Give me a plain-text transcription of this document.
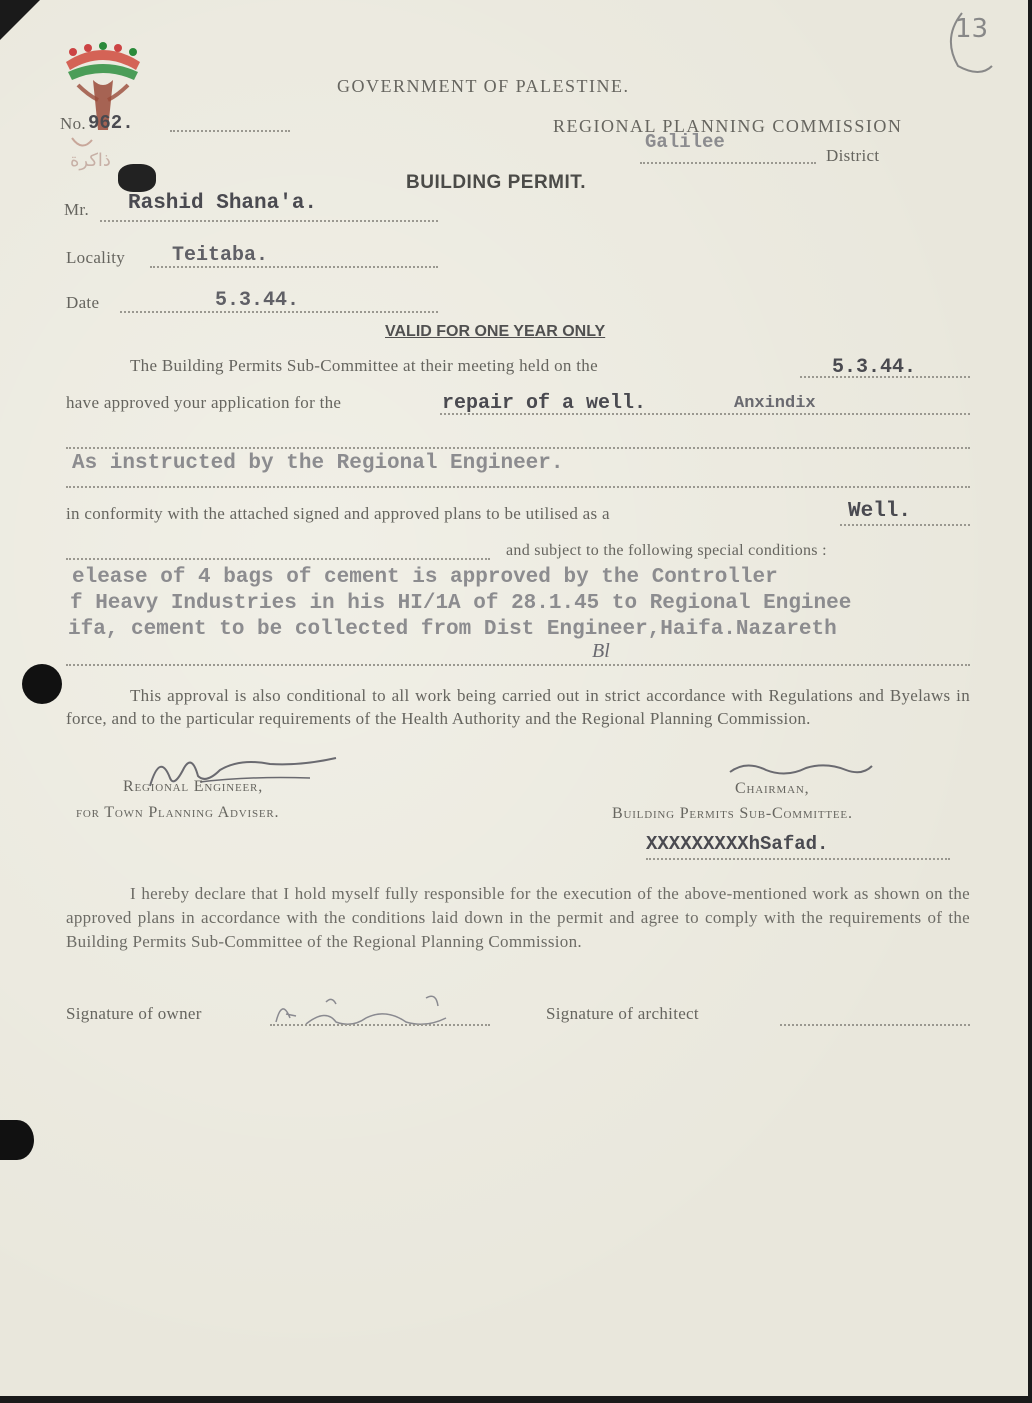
ذاكرة
13
GOVERNMENT OF PALESTINE.
No. 962.	REGIONAL PLANNING COMMISSION
Galilee
District
BUILDING PERMIT.
Mr. Rashid Shana'a.
Locality Teitaba.
Date	5.3.44.
VALID FOR ONE YEAR ONLY
The Building Permits Sub-Committee at their meeting held on the	5.3.44.
have approved your application for the	repair of a well.	Anxindix
As instructed by the Regional Engineer.
in conformity with the attached signed and approved plans to be utilised as a	Well.
and subject to the following special conditions :
elease of 4 bags of cement is approved by the Controller
f Heavy Industries in his HI/1A of 28.1.45 to Regional Enginee
ifa, cement to be collected from Dist Engineer,Haifa.Nazareth
Bl
This approval is also conditional to all work being carried out in strict accordance with Regulations and Byelaws in force, and to the particular requirements of the Health Authority and the Regional Planning Commission.
Regional Engineer,
for Town Planning Adviser.
Chairman,
Building Permits Sub-Committee.
XXXXXXXXXhSafad.
I hereby declare that I hold myself fully responsible for the execution of the above-mentioned work as shown on the approved plans in accordance with the conditions laid down in the permit and agree to comply with the requirements of the Building Permits Sub-Committee of the Regional Planning Commission.
Signature of owner	Signature of architect
